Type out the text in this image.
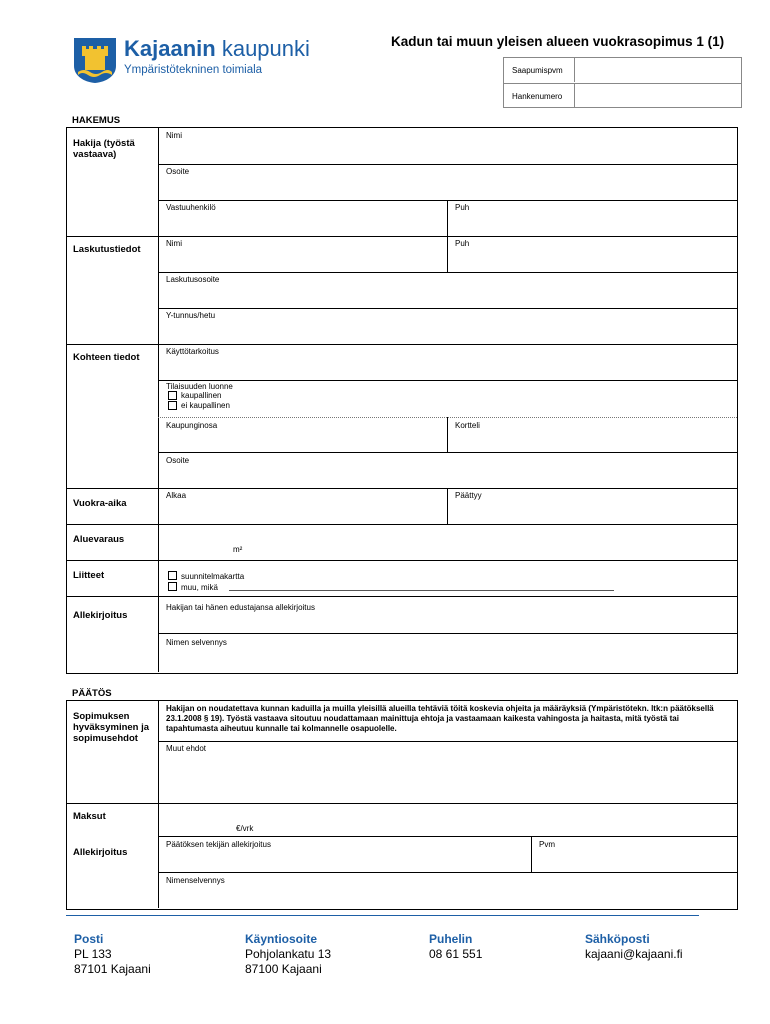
Kajaanin kaupunki
Ympäristötekninen toimiala
Kadun tai muun yleisen alueen vuokrasopimus 1 (1)
Saapumispvm
Hankenumero
HAKEMUS
Hakija (työstä vastaava)
Nimi
Osoite
Vastuuhenkilö	Puh
Laskutustiedot
Nimi	Puh
Laskutusosoite
Y-tunnus/hetu
Kohteen tiedot
Käyttötarkoitus
Tilaisuuden luonne
kaupallinen
ei kaupallinen
Kaupunginosa	Kortteli
Osoite
Vuokra-aika
Alkaa	Päättyy
Aluevaraus
m²
Liitteet	suunnitelmakartta
muu, mikä
Allekirjoitus
Hakijan tai hänen edustajansa allekirjoitus
Nimen selvennys
PÄÄTÖS
Sopimuksen hyväksyminen ja sopimusehdot
Hakijan on noudatettava kunnan kaduilla ja muilla yleisillä alueilla tehtäviä töitä koskevia ohjeita ja määräyksiä (Ympäristötekn. ltk:n päätöksellä 23.1.2008 § 19). Työstä vastaava sitoutuu noudattamaan mainittuja ehtoja ja vastaamaan kaikesta vahingosta ja haitasta, mitä työstä tai tapahtumasta aiheutuu kunnalle tai kolmannelle osapuolelle.
Muut ehdot
Maksut
€/vrk
Allekirjoitus
Päätöksen tekijän allekirjoitus	Pvm
Nimenselvennys
Posti
PL 133
87101 Kajaani
Käyntiosoite
Pohjolankatu 13
87100 Kajaani
Puhelin
08 61 551
Sähköposti
kajaani@kajaani.fi
